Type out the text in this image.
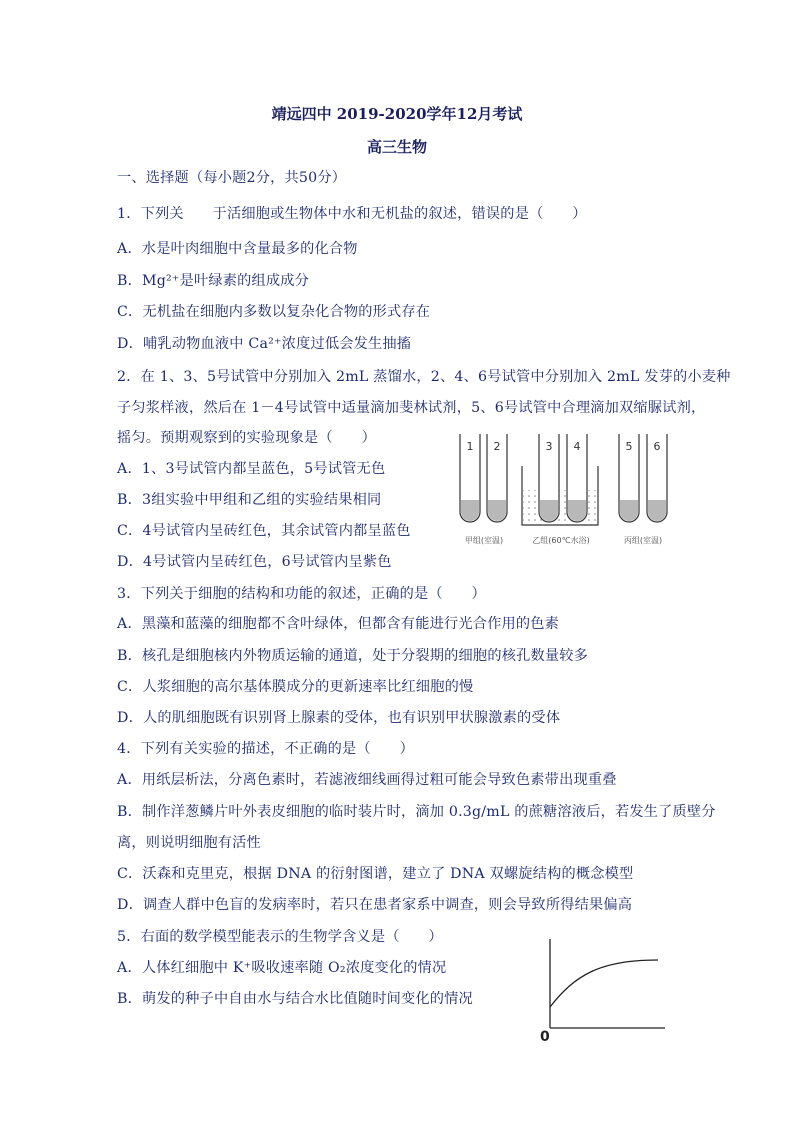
靖远四中 2019-2020学年12月考试
高三生物
一、选择题（每小题2分，共50分）
1．下列关　　于活细胞或生物体中水和无机盐的叙述，错误的是（　　）
A．水是叶肉细胞中含量最多的化合物
B．Mg²⁺是叶绿素的组成成分
C．无机盐在细胞内多数以复杂化合物的形式存在
D．哺乳动物血液中 Ca²⁺浓度过低会发生抽搐
2．在 1、3、5号试管中分别加入 2mL 蒸馏水，2、4、6号试管中分别加入 2mL 发芽的小麦种
子匀浆样液，然后在 1－4号试管中适量滴加斐林试剂，5、6号试管中合理滴加双缩脲试剂，
摇匀。预期观察到的实验现象是（　　）
A．1、3号试管内都呈蓝色，5号试管无色
B．3组实验中甲组和乙组的实验结果相同
C．4号试管内呈砖红色，其余试管内都呈蓝色
D．4号试管内呈砖红色，6号试管内呈紫色
1 2	3 4	5 6
甲组(室温)	乙组(60℃水浴)	丙组(室温)
3．下列关于细胞的结构和功能的叙述，正确的是（　　）
A．黑藻和蓝藻的细胞都不含叶绿体，但都含有能进行光合作用的色素
B．核孔是细胞核内外物质运输的通道，处于分裂期的细胞的核孔数量较多
C．人浆细胞的高尔基体膜成分的更新速率比红细胞的慢
D．人的肌细胞既有识别肾上腺素的受体，也有识别甲状腺激素的受体
4．下列有关实验的描述，不正确的是（　　）
A．用纸层析法，分离色素时，若滤液细线画得过粗可能会导致色素带出现重叠
B．制作洋葱鳞片叶外表皮细胞的临时装片时，滴加 0.3g/mL 的蔗糖溶液后，若发生了质壁分
离，则说明细胞有活性
C．沃森和克里克，根据 DNA 的衍射图谱，建立了 DNA 双螺旋结构的概念模型
D．调查人群中色盲的发病率时，若只在患者家系中调查，则会导致所得结果偏高
5．右面的数学模型能表示的生物学含义是（　　）
A．人体红细胞中 K⁺吸收速率随 O₂浓度变化的情况
B．萌发的种子中自由水与结合水比值随时间变化的情况
0
